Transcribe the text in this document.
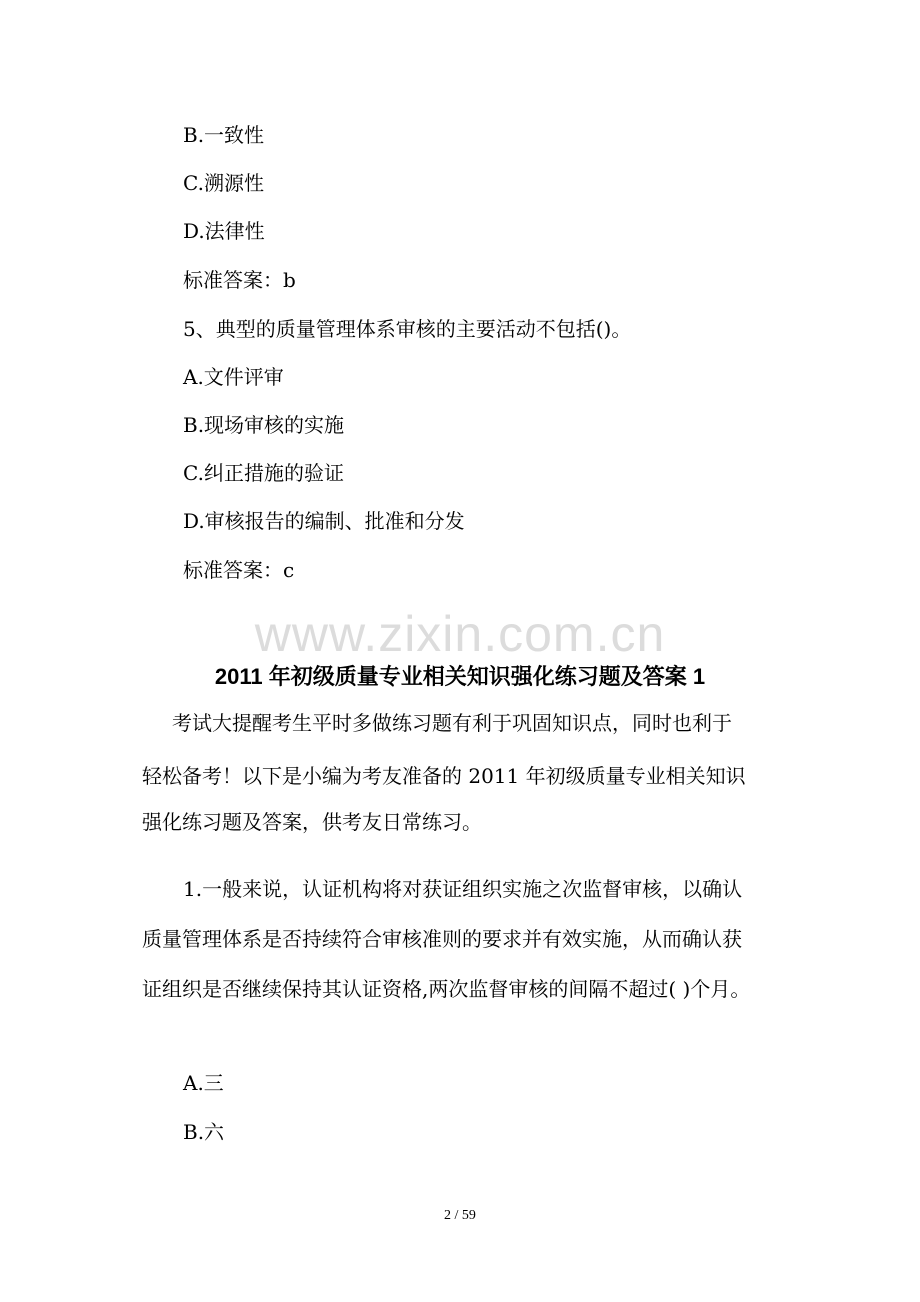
B.一致性
C.溯源性
D.法律性
标准答案：b
5、典型的质量管理体系审核的主要活动不包括()。
A.文件评审
B.现场审核的实施
C.纠正措施的验证
D.审核报告的编制、批准和分发
标准答案：c
www.zixin.com.cn
2011 年初级质量专业相关知识强化练习题及答案 1
考试大提醒考生平时多做练习题有利于巩固知识点，同时也利于
轻松备考！以下是小编为考友准备的 2011 年初级质量专业相关知识
强化练习题及答案，供考友日常练习。
1.一般来说，认证机构将对获证组织实施之次监督审核，以确认
质量管理体系是否持续符合审核准则的要求并有效实施，从而确认获
证组织是否继续保持其认证资格,两次监督审核的间隔不超过( )个月。
A.三
B.六
2 / 59
